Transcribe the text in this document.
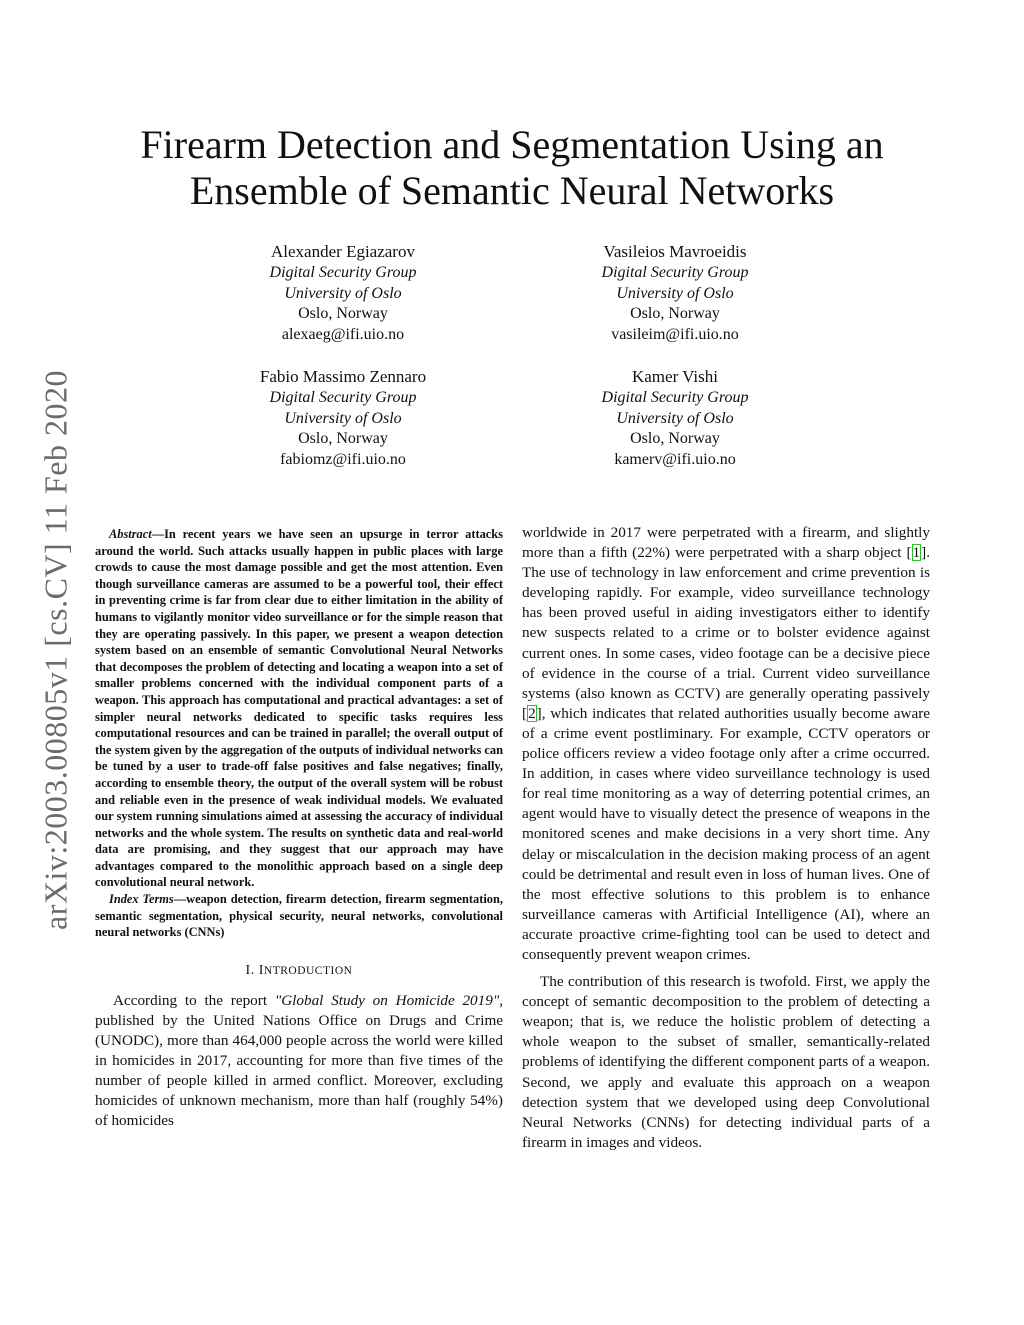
Firearm Detection and Segmentation Using an Ensemble of Semantic Neural Networks
Alexander Egiazarov
Digital Security Group
University of Oslo
Oslo, Norway
alexaeg@ifi.uio.no
Vasileios Mavroeidis
Digital Security Group
University of Oslo
Oslo, Norway
vasileim@ifi.uio.no
Fabio Massimo Zennaro
Digital Security Group
University of Oslo
Oslo, Norway
fabiomz@ifi.uio.no
Kamer Vishi
Digital Security Group
University of Oslo
Oslo, Norway
kamerv@ifi.uio.no
arXiv:2003.00805v1 [cs.CV] 11 Feb 2020	Abstract—In recent years we have seen an upsurge in terror attacks around the world. Such attacks usually happen in public places with large crowds to cause the most damage possible and get the most attention. Even though surveillance cameras are assumed to be a powerful tool, their effect in preventing crime is far from clear due to either limitation in the ability of humans to vigilantly monitor video surveillance or for the simple reason that they are operating passively. In this paper, we present a weapon detection system based on an ensemble of semantic Convolutional Neural Networks that decomposes the problem of detecting and locating a weapon into a set of smaller problems concerned with the individual component parts of a weapon. This approach has computational and practical advantages: a set of simpler neural networks dedicated to specific tasks requires less computational resources and can be trained in parallel; the overall output of the system given by the aggregation of the outputs of individual networks can be tuned by a user to trade-off false positives and false negatives; finally, according to ensemble theory, the output of the overall system will be robust and reliable even in the presence of weak individual models. We evaluated our system running simulations aimed at assessing the accuracy of individual networks and the whole system. The results on synthetic data and real-world data are promising, and they suggest that our approach may have advantages compared to the monolithic approach based on a single deep convolutional neural network.

Index Terms—weapon detection, firearm detection, firearm segmentation, semantic segmentation, physical security, neural networks, convolutional neural networks (CNNs)

I. INTRODUCTION

According to the report "Global Study on Homicide 2019", published by the United Nations Office on Drugs and Crime (UNODC), more than 464,000 people across the world were killed in homicides in 2017, accounting for more than five times of the number of people killed in armed conflict. Moreover, excluding homicides of unknown mechanism, more than half (roughly 54%) of homicides

worldwide in 2017 were perpetrated with a firearm, and slightly more than a fifth (22%) were perpetrated with a sharp object [1]. The use of technology in law enforcement and crime prevention is developing rapidly. For example, video surveillance technology has been proved useful in aiding investigators either to identify new suspects related to a crime or to bolster evidence against current ones. In some cases, video footage can be a decisive piece of evidence in the course of a trial. Current video surveillance systems (also known as CCTV) are generally operating passively [2], which indicates that related authorities usually become aware of a crime event postliminary. For example, CCTV operators or police officers review a video footage only after a crime occurred. In addition, in cases where video surveillance technology is used for real time monitoring as a way of deterring potential crimes, an agent would have to visually detect the presence of weapons in the monitored scenes and make decisions in a very short time. Any delay or miscalculation in the decision making process of an agent could be detrimental and result even in loss of human lives. One of the most effective solutions to this problem is to enhance surveillance cameras with Artificial Intelligence (AI), where an accurate proactive crime-fighting tool can be used to detect and consequently prevent weapon crimes.

The contribution of this research is twofold. First, we apply the concept of semantic decomposition to the problem of detecting a weapon; that is, we reduce the holistic problem of detecting a whole weapon to the subset of smaller, semantically-related problems of identifying the different component parts of a weapon. Second, we apply and evaluate this approach on a weapon detection system that we developed using deep Convolutional Neural Networks (CNNs) for detecting individual parts of a firearm in images and videos.
